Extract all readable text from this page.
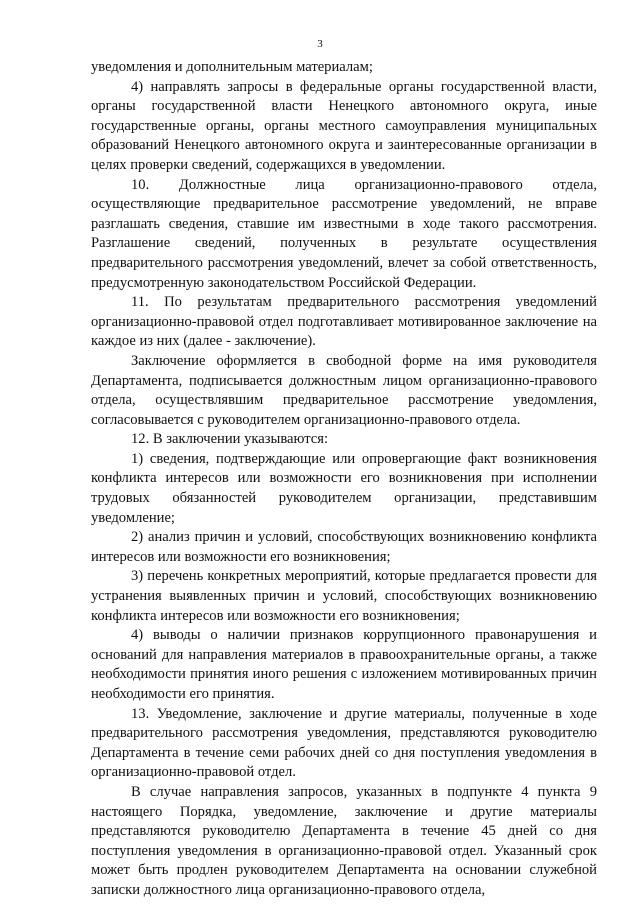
3

уведомления и дополнительным материалам;

4) направлять запросы в федеральные органы государственной власти, органы государственной власти Ненецкого автономного округа, иные государственные органы, органы местного самоуправления муниципальных образований Ненецкого автономного округа и заинтересованные организации в целях проверки сведений, содержащихся в уведомлении.

10. Должностные лица организационно-правового отдела, осуществляющие предварительное рассмотрение уведомлений, не вправе разглашать сведения, ставшие им известными в ходе такого рассмотрения. Разглашение сведений, полученных в результате осуществления предварительного рассмотрения уведомлений, влечет за собой ответственность, предусмотренную законодательством Российской Федерации.

11. По результатам предварительного рассмотрения уведомлений организационно-правовой отдел подготавливает мотивированное заключение на каждое из них (далее - заключение).

Заключение оформляется в свободной форме на имя руководителя Департамента, подписывается должностным лицом организационно-правового отдела, осуществлявшим предварительное рассмотрение уведомления, согласовывается с руководителем организационно-правового отдела.

12. В заключении указываются:

1) сведения, подтверждающие или опровергающие факт возникновения конфликта интересов или возможности его возникновения при исполнении трудовых обязанностей руководителем организации, представившим уведомление;

2) анализ причин и условий, способствующих возникновению конфликта интересов или возможности его возникновения;

3) перечень конкретных мероприятий, которые предлагается провести для устранения выявленных причин и условий, способствующих возникновению конфликта интересов или возможности его возникновения;

4) выводы о наличии признаков коррупционного правонарушения и оснований для направления материалов в правоохранительные органы, а также необходимости принятия иного решения с изложением мотивированных причин необходимости его принятия.

13. Уведомление, заключение и другие материалы, полученные в ходе предварительного рассмотрения уведомления, представляются руководителю Департамента в течение семи рабочих дней со дня поступления уведомления в организационно-правовой отдел.

В случае направления запросов, указанных в подпункте 4 пункта 9 настоящего Порядка, уведомление, заключение и другие материалы представляются руководителю Департамента в течение 45 дней со дня поступления уведомления в организационно-правовой отдел. Указанный срок может быть продлен руководителем Департамента на основании служебной записки должностного лица организационно-правового отдела,
